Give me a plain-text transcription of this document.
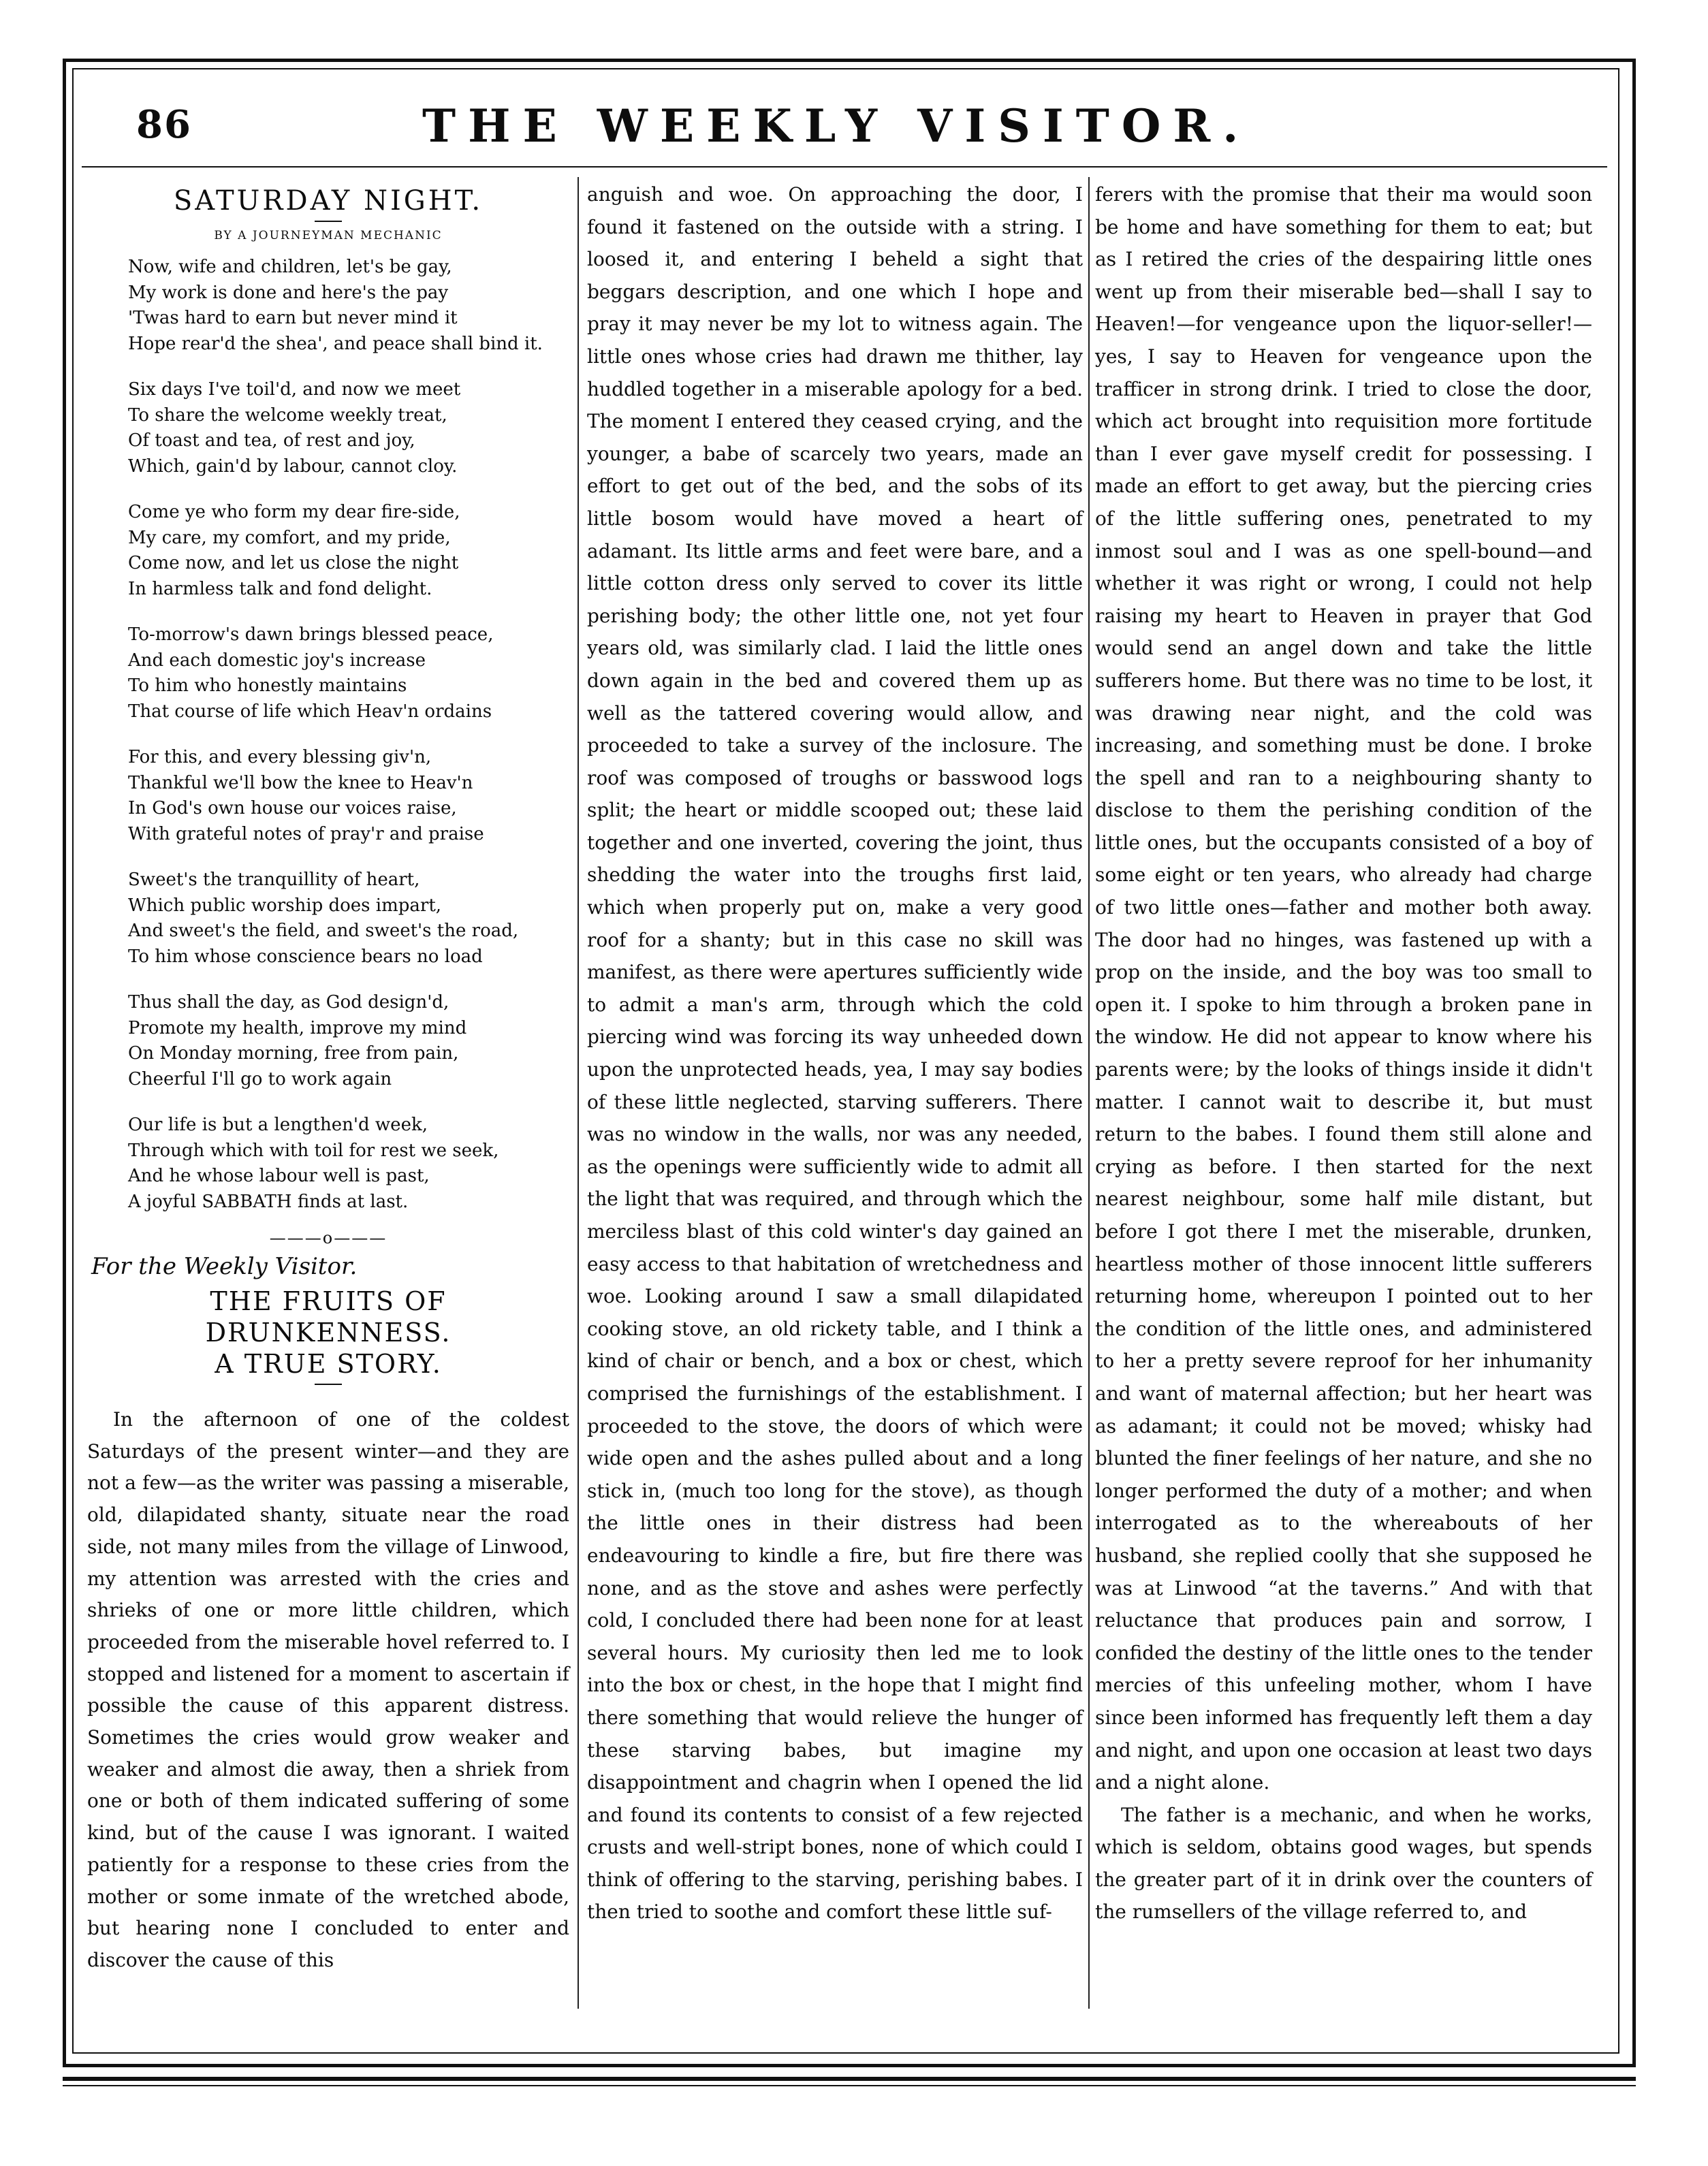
86	THE WEEKLY VISITOR.
SATURDAY NIGHT.
BY A JOURNEYMAN MECHANIC
Now, wife and children, let's be gay,
My work is done and here's the pay
'Twas hard to earn but never mind it
Hope rear'd the shea', and peace shall bind it.
Six days I've toil'd, and now we meet
To share the welcome weekly treat,
Of toast and tea, of rest and joy,
Which, gain'd by labour, cannot cloy.
Come ye who form my dear fire-side,
My care, my comfort, and my pride,
Come now, and let us close the night
In harmless talk and fond delight.
To-morrow's dawn brings blessed peace,
And each domestic joy's increase
To him who honestly maintains
That course of life which Heav'n ordains
For this, and every blessing giv'n,
Thankful we'll bow the knee to Heav'n
In God's own house our voices raise,
With grateful notes of pray'r and praise
Sweet's the tranquillity of heart,
Which public worship does impart,
And sweet's the field, and sweet's the road,
To him whose conscience bears no load
Thus shall the day, as God design'd,
Promote my health, improve my mind
On Monday morning, free from pain,
Cheerful I'll go to work again
Our life is but a lengthen'd week,
Through which with toil for rest we seek,
And he whose labour well is past,
A joyful SABBATH finds at last.
———o———
For the Weekly Visitor.
THE FRUITS OF DRUNKENNESS.
A TRUE STORY.

In the afternoon of one of the coldest Saturdays of the present winter—and they are not a few—as the writer was passing a miserable, old, dilapidated shanty, situate near the road side, not many miles from the village of Linwood, my attention was arrested with the cries and shrieks of one or more little children, which proceeded from the miserable hovel referred to. I stopped and listened for a moment to ascertain if possible the cause of this apparent distress. Sometimes the cries would grow weaker and weaker and almost die away, then a shriek from one or both of them indicated suffering of some kind, but of the cause I was ignorant. I waited patiently for a response to these cries from the mother or some inmate of the wretched abode, but hearing none I concluded to enter and discover the cause of this

anguish and woe. On approaching the door, I found it fastened on the outside with a string. I loosed it, and entering I beheld a sight that beggars description, and one which I hope and pray it may never be my lot to witness again. The little ones whose cries had drawn me thither, lay huddled together in a miserable apology for a bed. The moment I entered they ceased crying, and the younger, a babe of scarcely two years, made an effort to get out of the bed, and the sobs of its little bosom would have moved a heart of adamant. Its little arms and feet were bare, and a little cotton dress only served to cover its little perishing body; the other little one, not yet four years old, was similarly clad. I laid the little ones down again in the bed and covered them up as well as the tattered covering would allow, and proceeded to take a survey of the inclosure. The roof was composed of troughs or basswood logs split; the heart or middle scooped out; these laid together and one inverted, covering the joint, thus shedding the water into the troughs first laid, which when properly put on, make a very good roof for a shanty; but in this case no skill was manifest, as there were apertures sufficiently wide to admit a man's arm, through which the cold piercing wind was forcing its way unheeded down upon the unprotected heads, yea, I may say bodies of these little neglected, starving sufferers. There was no window in the walls, nor was any needed, as the openings were sufficiently wide to admit all the light that was required, and through which the merciless blast of this cold winter's day gained an easy access to that habitation of wretchedness and woe. Looking around I saw a small dilapidated cooking stove, an old rickety table, and I think a kind of chair or bench, and a box or chest, which comprised the furnishings of the establishment. I proceeded to the stove, the doors of which were wide open and the ashes pulled about and a long stick in, (much too long for the stove), as though the little ones in their distress had been endeavouring to kindle a fire, but fire there was none, and as the stove and ashes were perfectly cold, I concluded there had been none for at least several hours. My curiosity then led me to look into the box or chest, in the hope that I might find there something that would relieve the hunger of these starving babes, but imagine my disappointment and chagrin when I opened the lid and found its contents to consist of a few rejected crusts and well-stript bones, none of which could I think of offering to the starving, perishing babes. I then tried to soothe and comfort these little suf-

ferers with the promise that their ma would soon be home and have something for them to eat; but as I retired the cries of the despairing little ones went up from their miserable bed—shall I say to Heaven!—for vengeance upon the liquor-seller!—yes, I say to Heaven for vengeance upon the trafficer in strong drink. I tried to close the door, which act brought into requisition more fortitude than I ever gave myself credit for possessing. I made an effort to get away, but the piercing cries of the little suffering ones, penetrated to my inmost soul and I was as one spell-bound—and whether it was right or wrong, I could not help raising my heart to Heaven in prayer that God would send an angel down and take the little sufferers home. But there was no time to be lost, it was drawing near night, and the cold was increasing, and something must be done. I broke the spell and ran to a neighbouring shanty to disclose to them the perishing condition of the little ones, but the occupants consisted of a boy of some eight or ten years, who already had charge of two little ones—father and mother both away. The door had no hinges, was fastened up with a prop on the inside, and the boy was too small to open it. I spoke to him through a broken pane in the window. He did not appear to know where his parents were; by the looks of things inside it didn't matter. I cannot wait to describe it, but must return to the babes. I found them still alone and crying as before. I then started for the next nearest neighbour, some half mile distant, but before I got there I met the miserable, drunken, heartless mother of those innocent little sufferers returning home, whereupon I pointed out to her the condition of the little ones, and administered to her a pretty severe reproof for her inhumanity and want of maternal affection; but her heart was as adamant; it could not be moved; whisky had blunted the finer feelings of her nature, and she no longer performed the duty of a mother; and when interrogated as to the whereabouts of her husband, she replied coolly that she supposed he was at Linwood “at the taverns.” And with that reluctance that produces pain and sorrow, I confided the destiny of the little ones to the tender mercies of this unfeeling mother, whom I have since been informed has frequently left them a day and night, and upon one occasion at least two days and a night alone.

The father is a mechanic, and when he works, which is seldom, obtains good wages, but spends the greater part of it in drink over the counters of the rumsellers of the village referred to, and
